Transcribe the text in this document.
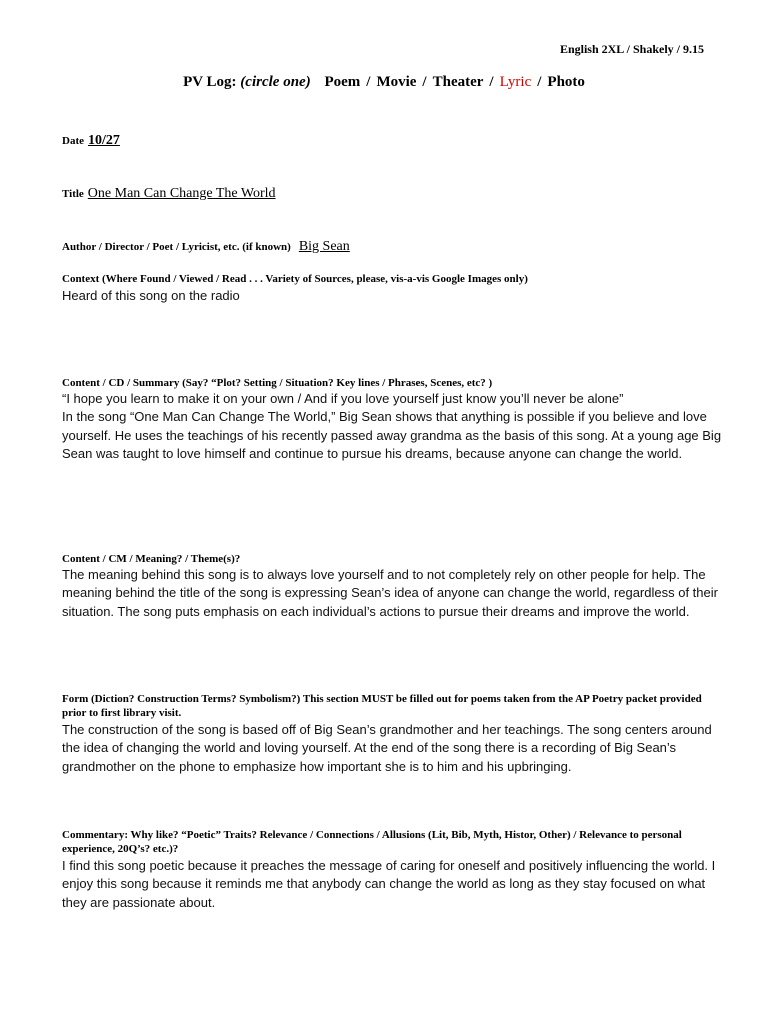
English 2XL / Shakely / 9.15
PV Log: (circle one) Poem / Movie / Theater / Lyric / Photo
Date 10/27
Title One Man Can Change The World
Author / Director / Poet / Lyricist, etc. (if known) Big Sean
Context (Where Found / Viewed / Read . . . Variety of Sources, please, vis-a-vis Google Images only)

Heard of this song on the radio

Content / CD / Summary (Say? “Plot? Setting / Situation? Key lines / Phrases, Scenes, etc? )

“I hope you learn to make it on your own / And if you love yourself just know you’ll never be alone”

In the song “One Man Can Change The World,” Big Sean shows that anything is possible if you believe and love yourself. He uses the teachings of his recently passed away grandma as the basis of this song. At a young age Big Sean was taught to love himself and continue to pursue his dreams, because anyone can change the world.

Content / CM / Meaning? / Theme(s)?

The meaning behind this song is to always love yourself and to not completely rely on other people for help. The meaning behind the title of the song is expressing Sean’s idea of anyone can change the world, regardless of their situation. The song puts emphasis on each individual’s actions to pursue their dreams and improve the world.

Form (Diction? Construction Terms? Symbolism?) This section MUST be filled out for poems taken from the AP Poetry packet provided prior to first library visit.

The construction of the song is based off of Big Sean’s grandmother and her teachings. The song centers around the idea of changing the world and loving yourself. At the end of the song there is a recording of Big Sean’s grandmother on the phone to emphasize how important she is to him and his upbringing.

Commentary: Why like? “Poetic” Traits? Relevance / Connections / Allusions (Lit, Bib, Myth, Histor, Other) / Relevance to personal experience, 20Q’s? etc.)?

I find this song poetic because it preaches the message of caring for oneself and positively influencing the world. I enjoy this song because it reminds me that anybody can change the world as long as they stay focused on what they are passionate about.
